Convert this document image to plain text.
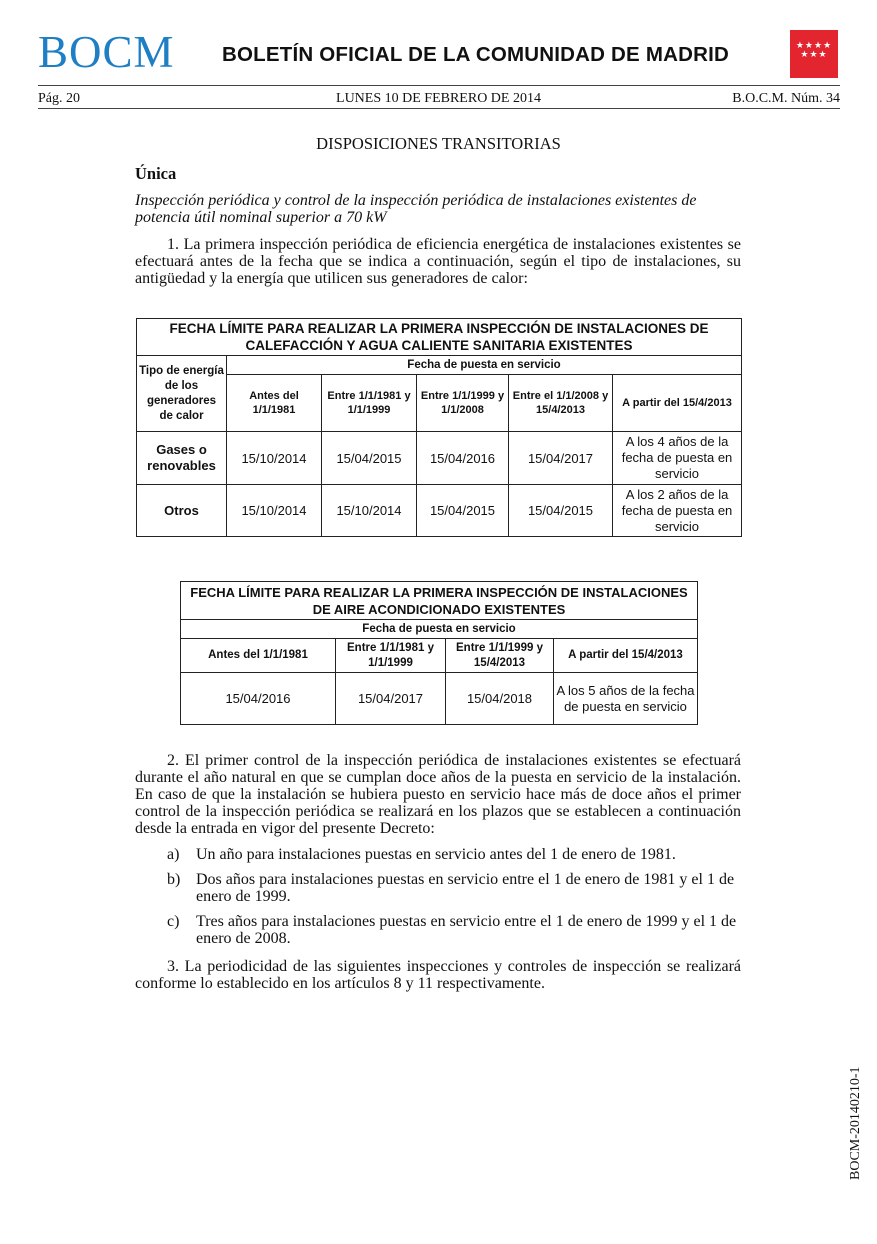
BOCM BOLETÍN OFICIAL DE LA COMUNIDAD DE MADRID	★★★★
★★★
Pág. 20	LUNES 10 DE FEBRERO DE 2014	B.O.C.M. Núm. 34
DISPOSICIONES TRANSITORIAS
Única
Inspección periódica y control de la inspección periódica de instalaciones existentes de potencia útil nominal superior a 70 kW
1. La primera inspección periódica de eficiencia energética de instalaciones existentes se efectuará antes de la fecha que se indica a continuación, según el tipo de instalaciones, su antigüedad y la energía que utilicen sus generadores de calor:
FECHA LÍMITE PARA REALIZAR LA PRIMERA INSPECCIÓN DE INSTALACIONES DE CALEFACCIÓN Y AGUA CALIENTE SANITARIA EXISTENTES					
Tipo de energía de los generadores de calor	Fecha de puesta en servicio				
	Antes del 1/1/1981	Entre 1/1/1981 y 1/1/1999	Entre 1/1/1999 y 1/1/2008	Entre el 1/1/2008 y 15/4/2013	A partir del 15/4/2013
Gases o renovables	15/10/2014	15/04/2015	15/04/2016	15/04/2017	A los 4 años de la fecha de puesta en servicio
Otros	15/10/2014	15/10/2014	15/04/2015	15/04/2015	A los 2 años de la fecha de puesta en servicio
FECHA LÍMITE PARA REALIZAR LA PRIMERA INSPECCIÓN DE INSTALACIONES DE AIRE ACONDICIONADO EXISTENTES			
Fecha de puesta en servicio			
Antes del 1/1/1981	Entre 1/1/1981 y 1/1/1999	Entre 1/1/1999 y 15/4/2013	A partir del 15/4/2013
15/04/2016	15/04/2017	15/04/2018	A los 5 años de la fecha de puesta en servicio
2. El primer control de la inspección periódica de instalaciones existentes se efectuará durante el año natural en que se cumplan doce años de la puesta en servicio de la instalación. En caso de que la instalación se hubiera puesto en servicio hace más de doce años el primer control de la inspección periódica se realizará en los plazos que se establecen a continuación desde la entrada en vigor del presente Decreto:
a) Un año para instalaciones puestas en servicio antes del 1 de enero de 1981.
b) Dos años para instalaciones puestas en servicio entre el 1 de enero de 1981 y el 1 de enero de 1999.
c) Tres años para instalaciones puestas en servicio entre el 1 de enero de 1999 y el 1 de enero de 2008.
3. La periodicidad de las siguientes inspecciones y controles de inspección se realizará conforme lo establecido en los artículos 8 y 11 respectivamente.
BOCM-20140210-1
